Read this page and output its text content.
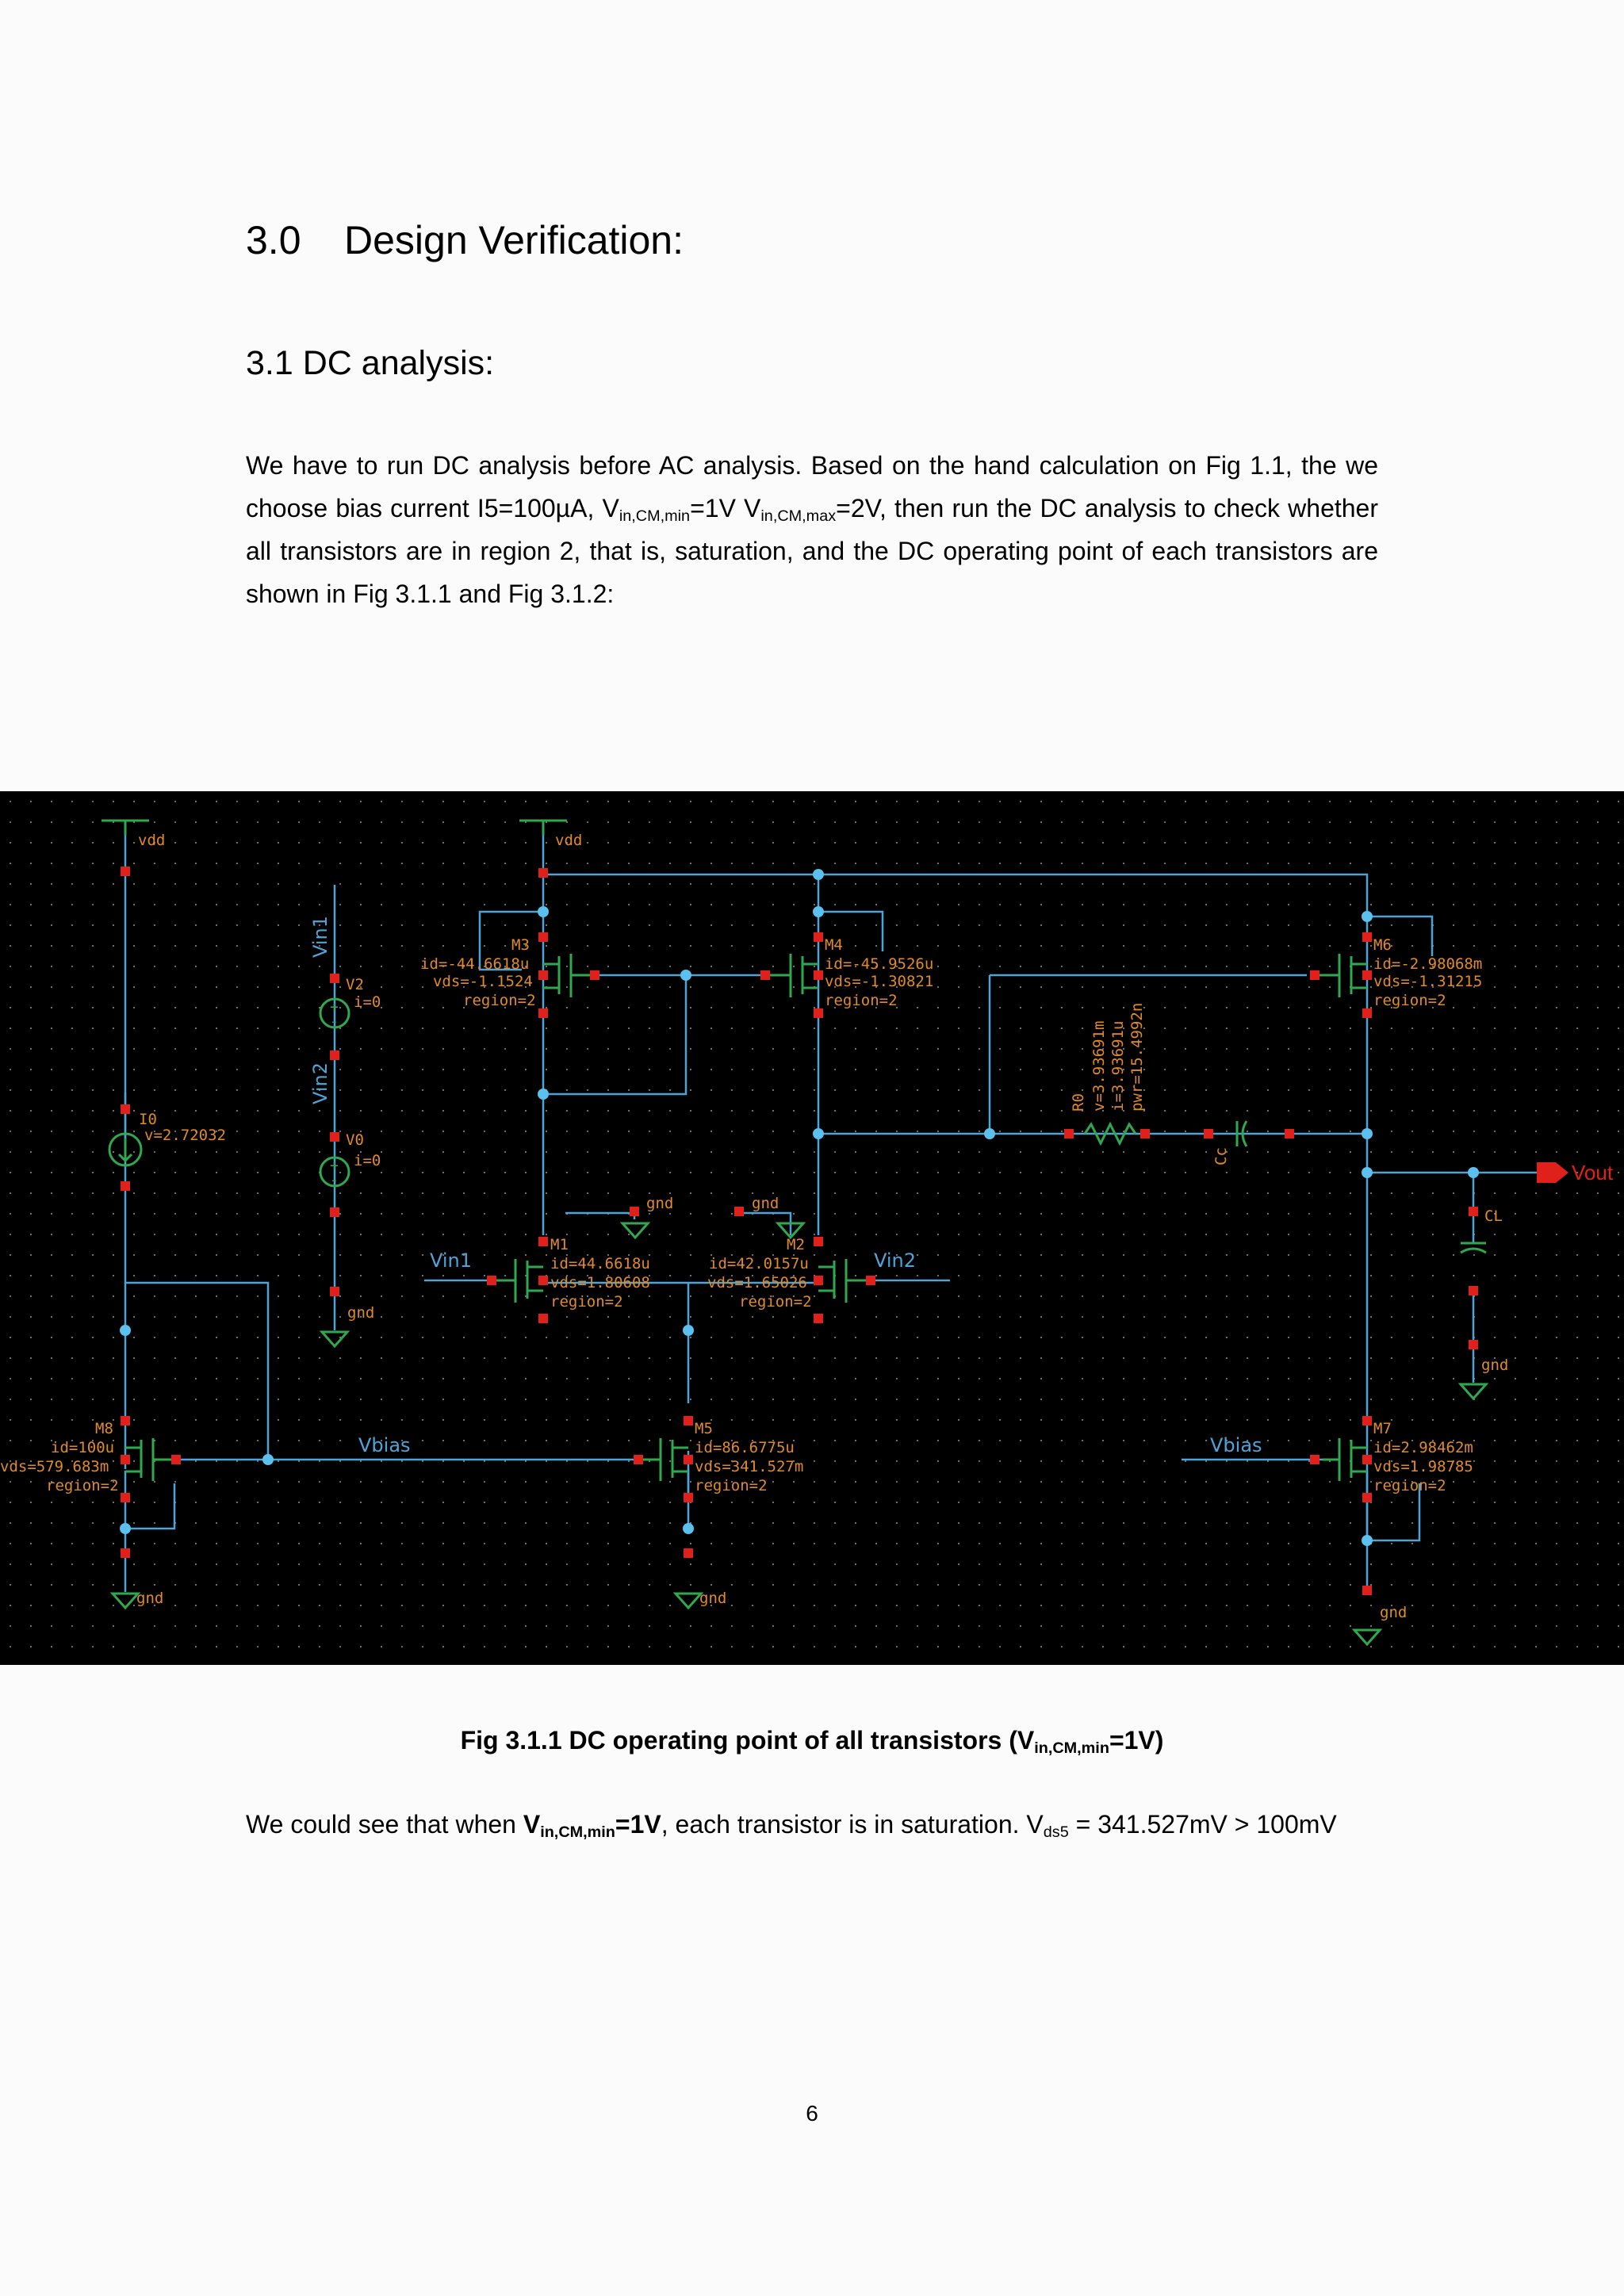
3.0 Design Verification:
3.1 DC analysis:
We have to run DC analysis before AC analysis. Based on the hand calculation on Fig 1.1, the we choose bias current I5=100µA, $V_{in,CM,min}=1V$ $V_{in,CM,max}=2V$, then run the DC analysis to check whether all transistors are in region 2, that is, saturation, and the DC operating point of each transistors are shown in Fig 3.1.1 and Fig 3.1.2:
+
-
+
-
vdd	vdd
gnd
gnd
gnd
gnd
gnd
gnd	gnd
M3
id=-44.6618u
vds=-1.1524
region=2
M4
id=-45.9526u
vds=-1.30821
region=2
M6
id=-2.98068m
vds=-1.31215
region=2
M1
id=44.6618u
vds=1.80608
region=2
M2
id=42.0157u
vds=1.65026
region=2
M5
id=86.6775u
vds=341.527m
region=2
M7
id=2.98462m
vds=1.98785
region=2
M8
id=100u
vds=579.683m
region=2
I0
v=2.72032
V2
i=0
V0
i=0
CL
R0 v=3.93691m i=3.93691u pwr=15.4992n
Cc
Vin1	Vin2
Vbias	Vbias
Vin1
Vin2
Vout
Fig 3.1.1 DC operating point of all transistors $(V_{in,CM,min}=1V)$
We could see that when $V_{in,CM,min}=1V$, each transistor is in saturation. $V_{ds5} = 341.527mV > 100mV$
6
